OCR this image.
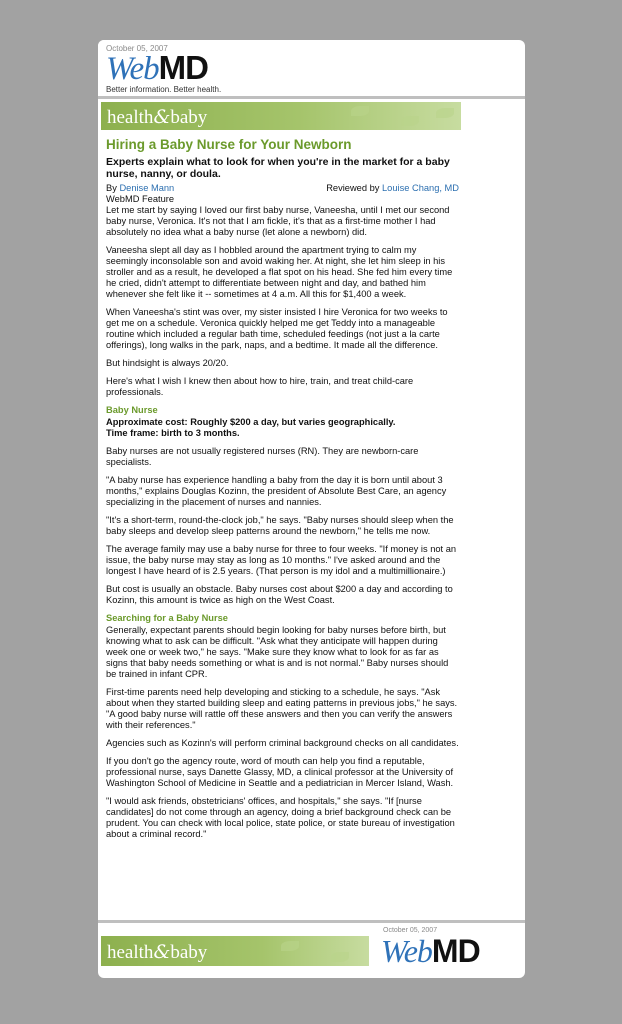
October 05, 2007
WebMD
Better information. Better health.
health&baby
Hiring a Baby Nurse for Your Newborn
Experts explain what to look for when you're in the market for a baby nurse, nanny, or doula.
By Denise Mann
WebMD Feature
Reviewed by Louise Chang, MD

Let me start by saying I loved our first baby nurse, Vaneesha, until I met our second baby nurse, Veronica. It's not that I am fickle, it's that as a first-time mother I had absolutely no idea what a baby nurse (let alone a newborn) did.

Vaneesha slept all day as I hobbled around the apartment trying to calm my seemingly inconsolable son and avoid waking her. At night, she let him sleep in his stroller and as a result, he developed a flat spot on his head. She fed him every time he cried, didn't attempt to differentiate between night and day, and bathed him whenever she felt like it -- sometimes at 4 a.m. All this for $1,400 a week.

When Vaneesha's stint was over, my sister insisted I hire Veronica for two weeks to get me on a schedule. Veronica quickly helped me get Teddy into a manageable routine which included a regular bath time, scheduled feedings (not just a la carte offerings), long walks in the park, naps, and a bedtime. It made all the difference.

But hindsight is always 20/20.

Here's what I wish I knew then about how to hire, train, and treat child-care professionals.

Baby Nurse
Approximate cost: Roughly $200 a day, but varies geographically.

Time frame: birth to 3 months.

Baby nurses are not usually registered nurses (RN). They are newborn-care specialists.

"A baby nurse has experience handling a baby from the day it is born until about 3 months," explains Douglas Kozinn, the president of Absolute Best Care, an agency specializing in the placement of nurses and nannies.

"It's a short-term, round-the-clock job," he says. "Baby nurses should sleep when the baby sleeps and develop sleep patterns around the newborn," he tells me now.

The average family may use a baby nurse for three to four weeks. "If money is not an issue, the baby nurse may stay as long as 10 months." I've asked around and the longest I have heard of is 2.5 years. (That person is my idol and a multimillionaire.)

But cost is usually an obstacle. Baby nurses cost about $200 a day and according to Kozinn, this amount is twice as high on the West Coast.

Searching for a Baby Nurse

Generally, expectant parents should begin looking for baby nurses before birth, but knowing what to ask can be difficult. "Ask what they anticipate will happen during week one or week two," he says. "Make sure they know what to look for as far as signs that baby needs something or what is and is not normal." Baby nurses should be trained in infant CPR.

First-time parents need help developing and sticking to a schedule, he says. "Ask about when they started building sleep and eating patterns in previous jobs," he says. "A good baby nurse will rattle off these answers and then you can verify the answers with their references."

Agencies such as Kozinn's will perform criminal background checks on all candidates.

If you don't go the agency route, word of mouth can help you find a reputable, professional nurse, says Danette Glassy, MD, a clinical professor at the University of Washington School of Medicine in Seattle and a pediatrician in Mercer Island, Wash.

"I would ask friends, obstetricians' offices, and hospitals," she says. "If [nurse candidates] do not come through an agency, doing a brief background check can be prudent. You can check with local police, state police, or state bureau of investigation about a criminal record."

health&baby
October 05, 2007
WebMD
